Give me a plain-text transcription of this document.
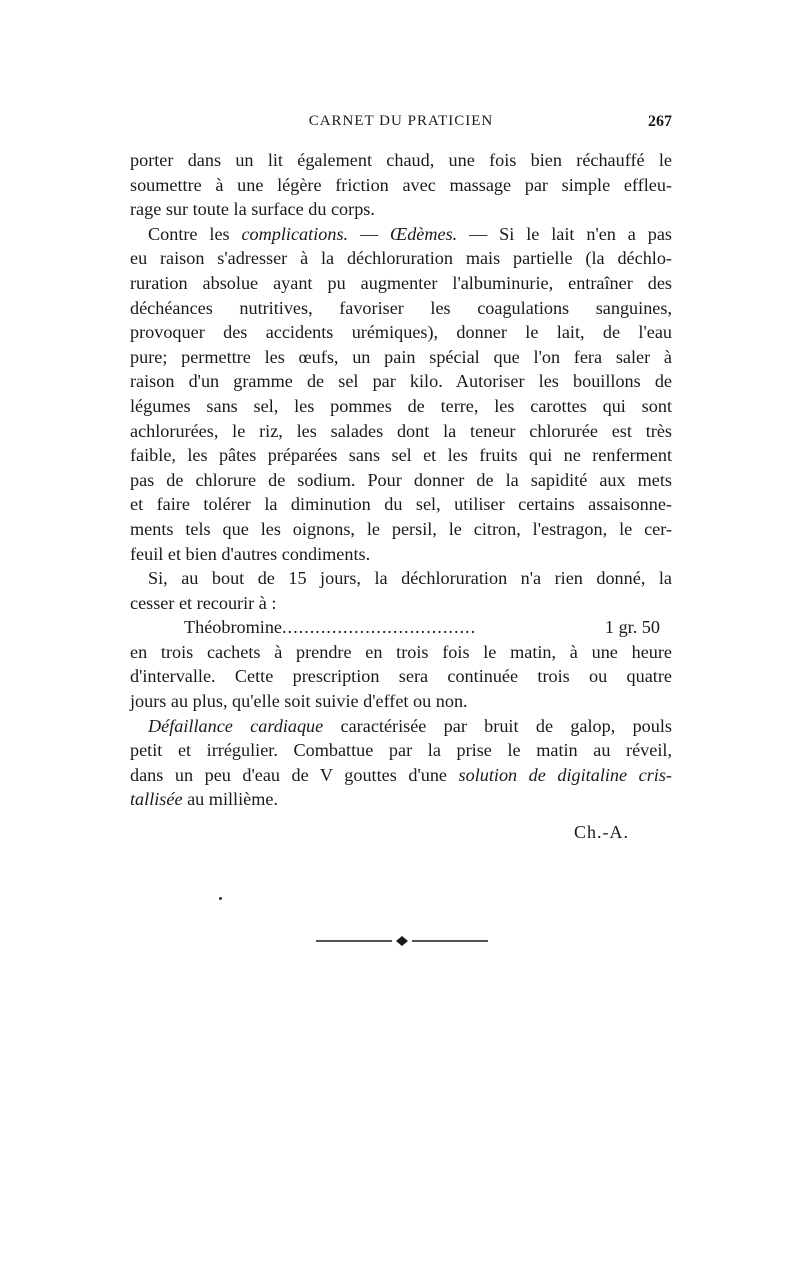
CARNET DU PRATICIEN	267
porter dans un lit également chaud, une fois bien réchauffé le
soumettre à une légère friction avec massage par simple effleu-
rage sur toute la surface du corps.
Contre les complications. — Œdèmes. — Si le lait n'en a pas
eu raison s'adresser à la déchloruration mais partielle (la déchlo-
ruration absolue ayant pu augmenter l'albuminurie, entraîner des
déchéances nutritives, favoriser les coagulations sanguines,
provoquer des accidents urémiques), donner le lait, de l'eau
pure; permettre les œufs, un pain spécial que l'on fera saler à
raison d'un gramme de sel par kilo. Autoriser les bouillons de
légumes sans sel, les pommes de terre, les carottes qui sont
achlorurées, le riz, les salades dont la teneur chlorurée est très
faible, les pâtes préparées sans sel et les fruits qui ne renferment
pas de chlorure de sodium. Pour donner de la sapidité aux mets
et faire tolérer la diminution du sel, utiliser certains assaisonne-
ments tels que les oignons, le persil, le citron, l'estragon, le cer-
feuil et bien d'autres condiments.
Si, au bout de 15 jours, la déchloruration n'a rien donné, la
cesser et recourir à :
Théobromine ...................................	1 gr. 50
en trois cachets à prendre en trois fois le matin, à une heure
d'intervalle. Cette prescription sera continuée trois ou quatre
jours au plus, qu'elle soit suivie d'effet ou non.
Défaillance cardiaque caractérisée par bruit de galop, pouls
petit et irrégulier. Combattue par la prise le matin au réveil,
dans un peu d'eau de V gouttes d'une solution de digitaline cris-
tallisée au millième.
Ch.-A.
